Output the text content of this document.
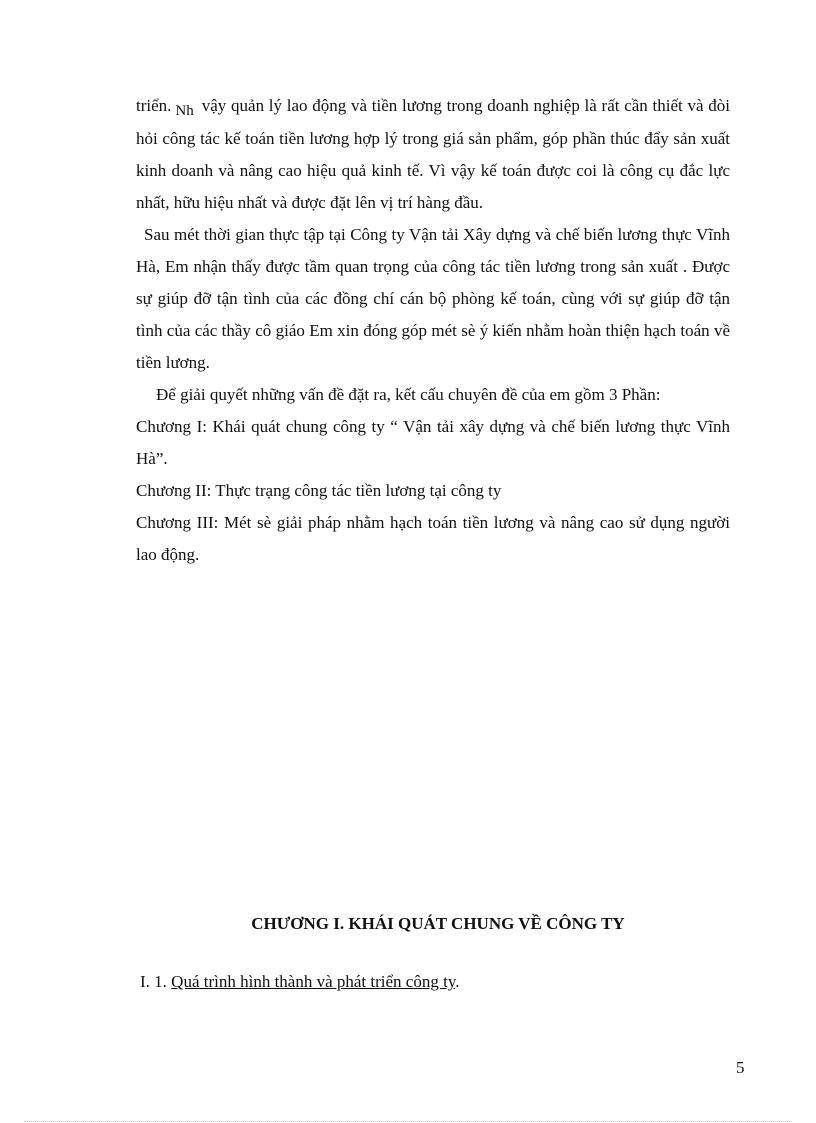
triển. Nh vậy quản lý lao động và tiền lương trong doanh nghiệp là rất cần thiết và đòi hỏi công tác kế toán tiền lương hợp lý trong giá sản phẩm, góp phần thúc đẩy sản xuất kinh doanh và nâng cao hiệu quả kinh tế. Vì vậy kế toán được coi là công cụ đắc lực nhất, hữu hiệu nhất và được đặt lên vị trí hàng đầu.

Sau mét thời gian thực tập tại Công ty Vận tải Xây dựng và chế biến lương thực Vĩnh Hà, Em nhận thấy được tầm quan trọng của công tác tiền lương trong sản xuất . Được sự giúp đỡ tận tình của các đồng chí cán bộ phòng kế toán, cùng với sự giúp đỡ tận tình của các thầy cô giáo Em xin đóng góp mét sè ý kiến nhằm hoàn thiện hạch toán về tiền lương.

Để giải quyết những vấn đề đặt ra, kết cấu chuyên đề của em gồm 3 Phần:

Chương I: Khái quát chung công ty “ Vận tải xây dựng và chế biến lương thực Vĩnh Hà”.

Chương II: Thực trạng công tác tiền lương tại công ty

Chương III: Mét sè giải pháp nhằm hạch toán tiền lương và nâng cao sử dụng người lao động.

CHƯƠNG I. KHÁI QUÁT CHUNG VỀ CÔNG TY
I. 1. Quá trình hình thành và phát triển công ty.
5
